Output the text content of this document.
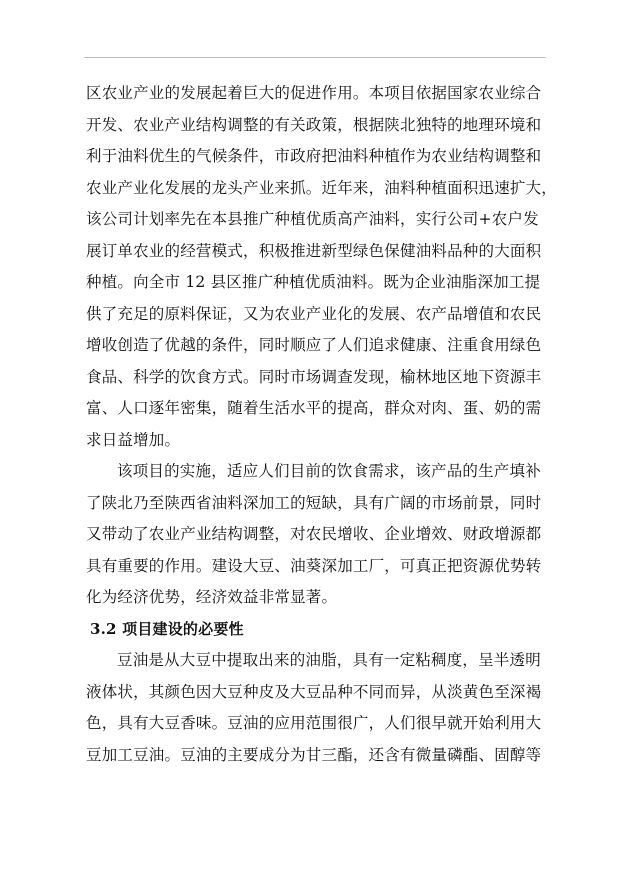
区农业产业的发展起着巨大的促进作用。本项目依据国家农业综合
开发、农业产业结构调整的有关政策，根据陕北独特的地理环境和
利于油料优生的气候条件，市政府把油料种植作为农业结构调整和
农业产业化发展的龙头产业来抓。近年来，油料种植面积迅速扩大，
该公司计划率先在本县推广种植优质高产油料，实行公司+农户发
展订单农业的经营模式，积极推进新型绿色保健油料品种的大面积
种植。向全市 12 县区推广种植优质油料。既为企业油脂深加工提
供了充足的原料保证，又为农业产业化的发展、农产品增值和农民
增收创造了优越的条件，同时顺应了人们追求健康、注重食用绿色
食品、科学的饮食方式。同时市场调查发现，榆林地区地下资源丰
富、人口逐年密集，随着生活水平的提高，群众对肉、蛋、奶的需
求日益增加。
该项目的实施，适应人们目前的饮食需求，该产品的生产填补
了陕北乃至陕西省油料深加工的短缺，具有广阔的市场前景，同时
又带动了农业产业结构调整，对农民增收、企业增效、财政增源都
具有重要的作用。建设大豆、油葵深加工厂，可真正把资源优势转
化为经济优势，经济效益非常显著。
3.2 项目建设的必要性
豆油是从大豆中提取出来的油脂，具有一定粘稠度，呈半透明
液体状，其颜色因大豆种皮及大豆品种不同而异，从淡黄色至深褐
色，具有大豆香味。豆油的应用范围很广，人们很早就开始利用大
豆加工豆油。豆油的主要成分为甘三酯，还含有微量磷酯、固醇等
